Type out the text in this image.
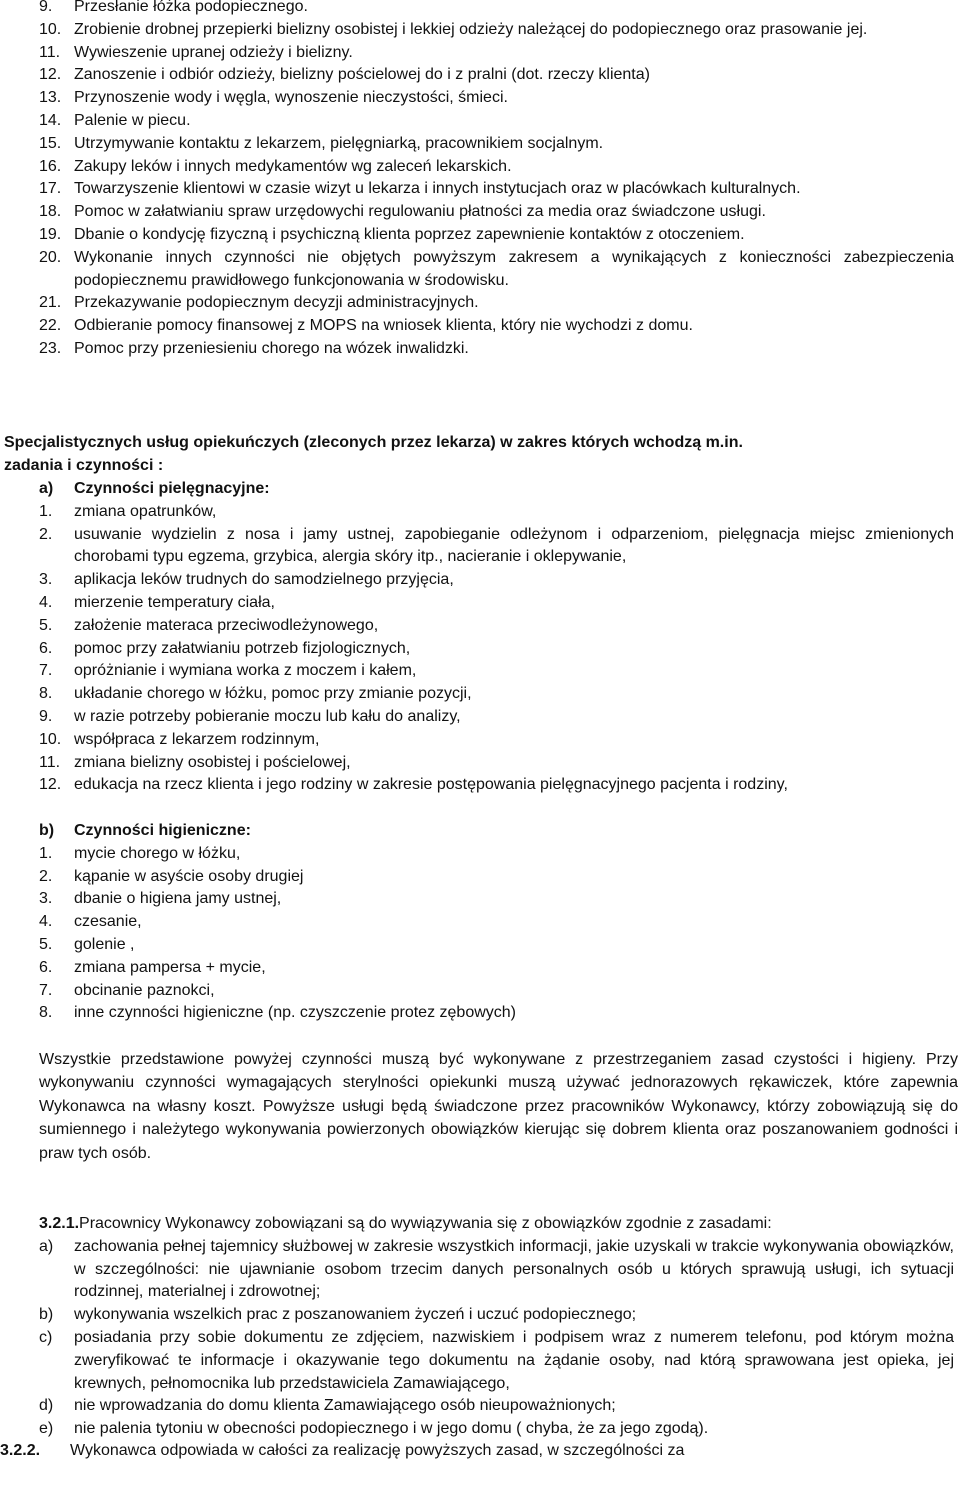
9. Przesłanie łóżka podopiecznego.
10. Zrobienie drobnej przepierki bielizny osobistej i lekkiej odzieży należącej do podopiecznego oraz prasowanie jej.
11. Wywieszenie upranej odzieży i bielizny.
12. Zanoszenie i odbiór odzieży, bielizny pościelowej do i z pralni (dot. rzeczy klienta)
13. Przynoszenie wody i węgla, wynoszenie nieczystości, śmieci.
14. Palenie w piecu.
15. Utrzymywanie kontaktu z lekarzem, pielęgniarką, pracownikiem socjalnym.
16. Zakupy leków i innych medykamentów wg zaleceń lekarskich.
17. Towarzyszenie klientowi w czasie wizyt u lekarza i innych instytucjach oraz w placówkach kulturalnych.
18. Pomoc w załatwianiu spraw urzędowychi regulowaniu płatności za media oraz świadczone usługi.
19. Dbanie o kondycję fizyczną i psychiczną klienta poprzez zapewnienie kontaktów z otoczeniem.
20. Wykonanie innych czynności nie objętych powyższym zakresem a wynikających z konieczności zabezpieczenia podopiecznemu prawidłowego funkcjonowania w środowisku.
21. Przekazywanie podopiecznym decyzji administracyjnych.
22. Odbieranie pomocy finansowej z MOPS na wniosek klienta, który nie wychodzi z domu.
23. Pomoc przy przeniesieniu chorego na wózek inwalidzki.
Specjalistycznych usług opiekuńczych (zleconych przez lekarza) w zakres których wchodzą m.in.
zadania i czynności :
a) Czynności pielęgnacyjne:
1. zmiana opatrunków,
2. usuwanie wydzielin z nosa i jamy ustnej, zapobieganie odleżynom i odparzeniom, pielęgnacja miejsc zmienionych chorobami typu egzema, grzybica, alergia skóry itp., nacieranie i oklepywanie,
3. aplikacja leków trudnych do samodzielnego przyjęcia,
4. mierzenie temperatury ciała,
5. założenie materaca przeciwodleżynowego,
6. pomoc przy załatwianiu potrzeb fizjologicznych,
7. opróżnianie i wymiana worka z moczem i kałem,
8. układanie chorego w łóżku, pomoc przy zmianie pozycji,
9. w razie potrzeby pobieranie moczu lub kału do analizy,
10. współpraca z lekarzem rodzinnym,
11. zmiana bielizny osobistej i pościelowej,
12. edukacja na rzecz klienta i jego rodziny w zakresie postępowania pielęgnacyjnego pacjenta i rodziny,
b) Czynności higieniczne:
1. mycie chorego w łóżku,
2. kąpanie w asyście osoby drugiej
3. dbanie o higiena jamy ustnej,
4. czesanie,
5. golenie ,
6. zmiana pampersa + mycie,
7. obcinanie paznokci,
8. inne czynności higieniczne (np. czyszczenie protez zębowych)
Wszystkie przedstawione powyżej czynności muszą być wykonywane z przestrzeganiem zasad czystości i higieny. Przy wykonywaniu czynności wymagających sterylności opiekunki muszą używać jednorazowych rękawiczek, które zapewnia Wykonawca na własny koszt. Powyższe usługi będą świadczone przez pracowników Wykonawcy, którzy zobowiązują się do sumiennego i należytego wykonywania powierzonych obowiązków kierując się dobrem klienta oraz poszanowaniem godności i praw tych osób.
3.2.1.Pracownicy Wykonawcy zobowiązani są do wywiązywania się z obowiązków zgodnie z zasadami:
a) zachowania pełnej tajemnicy służbowej w zakresie wszystkich informacji, jakie uzyskali w trakcie wykonywania obowiązków, w szczególności: nie ujawnianie osobom trzecim danych personalnych osób u których sprawują usługi, ich sytuacji rodzinnej, materialnej i zdrowotnej;
b) wykonywania wszelkich prac z poszanowaniem życzeń i uczuć podopiecznego;
c) posiadania przy sobie dokumentu ze zdjęciem, nazwiskiem i podpisem wraz z numerem telefonu, pod którym można zweryfikować te informacje i okazywanie tego dokumentu na żądanie osoby, nad którą sprawowana jest opieka, jej krewnych, pełnomocnika lub przedstawiciela Zamawiającego,
d) nie wprowadzania do domu klienta Zamawiającego osób nieupoważnionych;
e) nie palenia tytoniu w obecności podopiecznego i w jego domu ( chyba, że za jego zgodą).
3.2.2. Wykonawca odpowiada w całości za realizację powyższych zasad, w szczególności za
